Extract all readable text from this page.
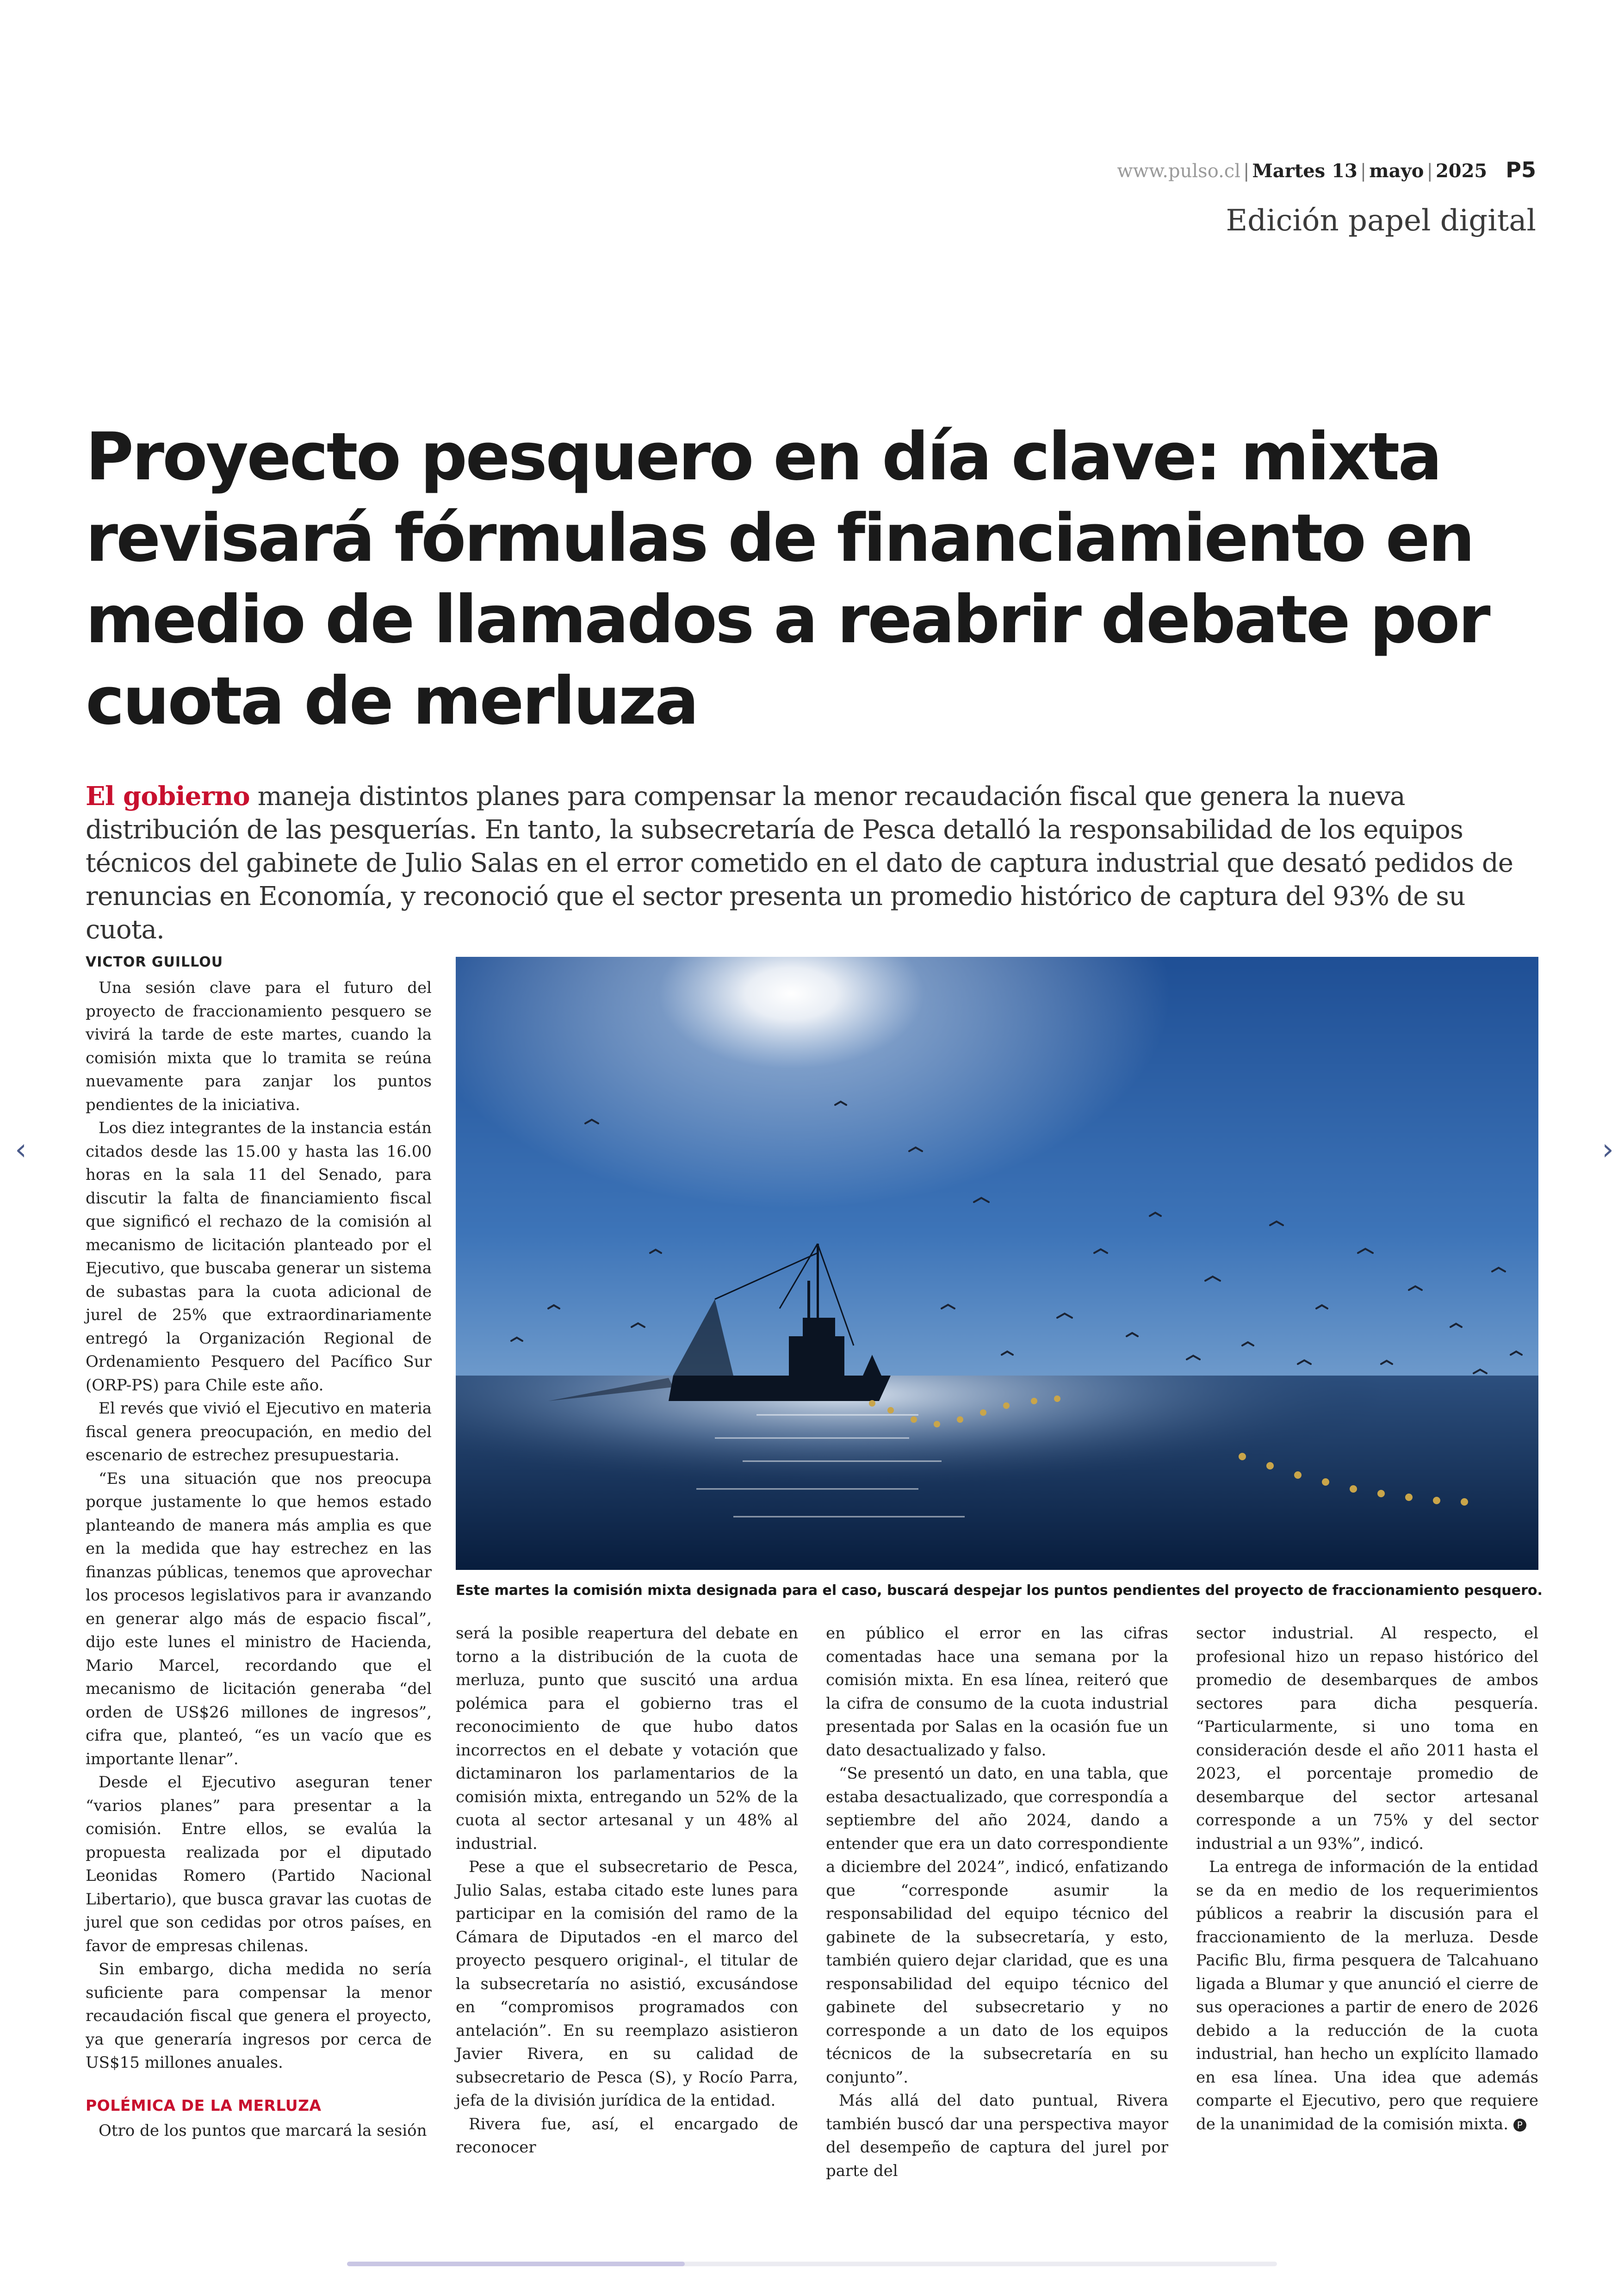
‹	›
www.pulso.cl | Martes 13 | mayo | 2025 P5
Edición papel digital
Proyecto pesquero en día clave: mixta revisará fórmulas de financiamiento en medio de llamados a reabrir debate por cuota de merluza
El gobierno maneja distintos planes para compensar la menor recaudación fiscal que genera la nueva distribución de las pesquerías. En tanto, la subsecretaría de Pesca detalló la responsabilidad de los equipos técnicos del gabinete de Julio Salas en el error cometido en el dato de captura industrial que desató pedidos de renuncias en Economía, y reconoció que el sector presenta un promedio histórico de captura del 93% de su cuota.
VICTOR GUILLOU

Una sesión clave para el futuro del proyecto de fraccionamiento pesquero se vivirá la tarde de este martes, cuando la comisión mixta que lo tramita se reúna nuevamente para zanjar los puntos pendientes de la iniciativa.

Los diez integrantes de la instancia están citados desde las 15.00 y hasta las 16.00 horas en la sala 11 del Senado, para discutir la falta de financiamiento fiscal que significó el rechazo de la comisión al mecanismo de licitación planteado por el Ejecutivo, que buscaba generar un sistema de subastas para la cuota adicional de jurel de 25% que extraordinariamente entregó la Organización Regional de Ordenamiento Pesquero del Pacífico Sur (ORP-PS) para Chile este año.

El revés que vivió el Ejecutivo en materia fiscal genera preocupación, en medio del escenario de estrechez presupuestaria.

“Es una situación que nos preocupa porque justamente lo que hemos estado planteando de manera más amplia es que en la medida que hay estrechez en las finanzas públicas, tenemos que aprovechar los procesos legislativos para ir avanzando en generar algo más de espacio fiscal”, dijo este lunes el ministro de Hacienda, Mario Marcel, recordando que el mecanismo de licitación generaba “del orden de US$26 millones de ingresos”, cifra que, planteó, “es un vacío que es importante llenar”.

Desde el Ejecutivo aseguran tener “varios planes” para presentar a la comisión. Entre ellos, se evalúa la propuesta realizada por el diputado Leonidas Romero (Partido Nacional Libertario), que busca gravar las cuotas de jurel que son cedidas por otros países, en favor de empresas chilenas.

Sin embargo, dicha medida no sería suficiente para compensar la menor recaudación fiscal que genera el proyecto, ya que generaría ingresos por cerca de US$15 millones anuales.

POLÉMICA DE LA MERLUZA

Otro de los puntos que marcará la sesión

será la posible reapertura del debate en torno a la distribución de la cuota de merluza, punto que suscitó una ardua polémica para el gobierno tras el reconocimiento de que hubo datos incorrectos en el debate y votación que dictaminaron los parlamentarios de la comisión mixta, entregando un 52% de la cuota al sector artesanal y un 48% al industrial.

Pese a que el subsecretario de Pesca, Julio Salas, estaba citado este lunes para participar en la comisión del ramo de la Cámara de Diputados -en el marco del proyecto pesquero original-, el titular de la subsecretaría no asistió, excusándose en “compromisos programados con antelación”. En su reemplazo asistieron Javier Rivera, en su calidad de subsecretario de Pesca (S), y Rocío Parra, jefa de la división jurídica de la entidad.

Rivera fue, así, el encargado de reconocer

en público el error en las cifras comentadas hace una semana por la comisión mixta. En esa línea, reiteró que la cifra de consumo de la cuota industrial presentada por Salas en la ocasión fue un dato desactualizado y falso.

“Se presentó un dato, en una tabla, que estaba desactualizado, que correspondía a septiembre del año 2024, dando a entender que era un dato correspondiente a diciembre del 2024”, indicó, enfatizando que “corresponde asumir la responsabilidad del equipo técnico del gabinete de la subsecretaría, y esto, también quiero dejar claridad, que es una responsabilidad del equipo técnico del gabinete del subsecretario y no corresponde a un dato de los equipos técnicos de la subsecretaría en su conjunto”.

Más allá del dato puntual, Rivera también buscó dar una perspectiva mayor del desempeño de captura del jurel por parte del

sector industrial. Al respecto, el profesional hizo un repaso histórico del promedio de desembarques de ambos sectores para dicha pesquería. “Particularmente, si uno toma en consideración desde el año 2011 hasta el 2023, el porcentaje promedio de desembarque del sector artesanal corresponde a un 75% y del sector industrial a un 93%”, indicó.

La entrega de información de la entidad se da en medio de los requerimientos públicos a reabrir la discusión para el fraccionamiento de la merluza. Desde Pacific Blu, firma pesquera de Talcahuano ligada a Blumar y que anunció el cierre de sus operaciones a partir de enero de 2026 debido a la reducción de la cuota industrial, han hecho un explícito llamado en esa línea. Una idea que además comparte el Ejecutivo, pero que requiere de la unanimidad de la comisión mixta. P

Este martes la comisión mixta designada para el caso, buscará despejar los puntos pendientes del proyecto de fraccionamiento pesquero.
